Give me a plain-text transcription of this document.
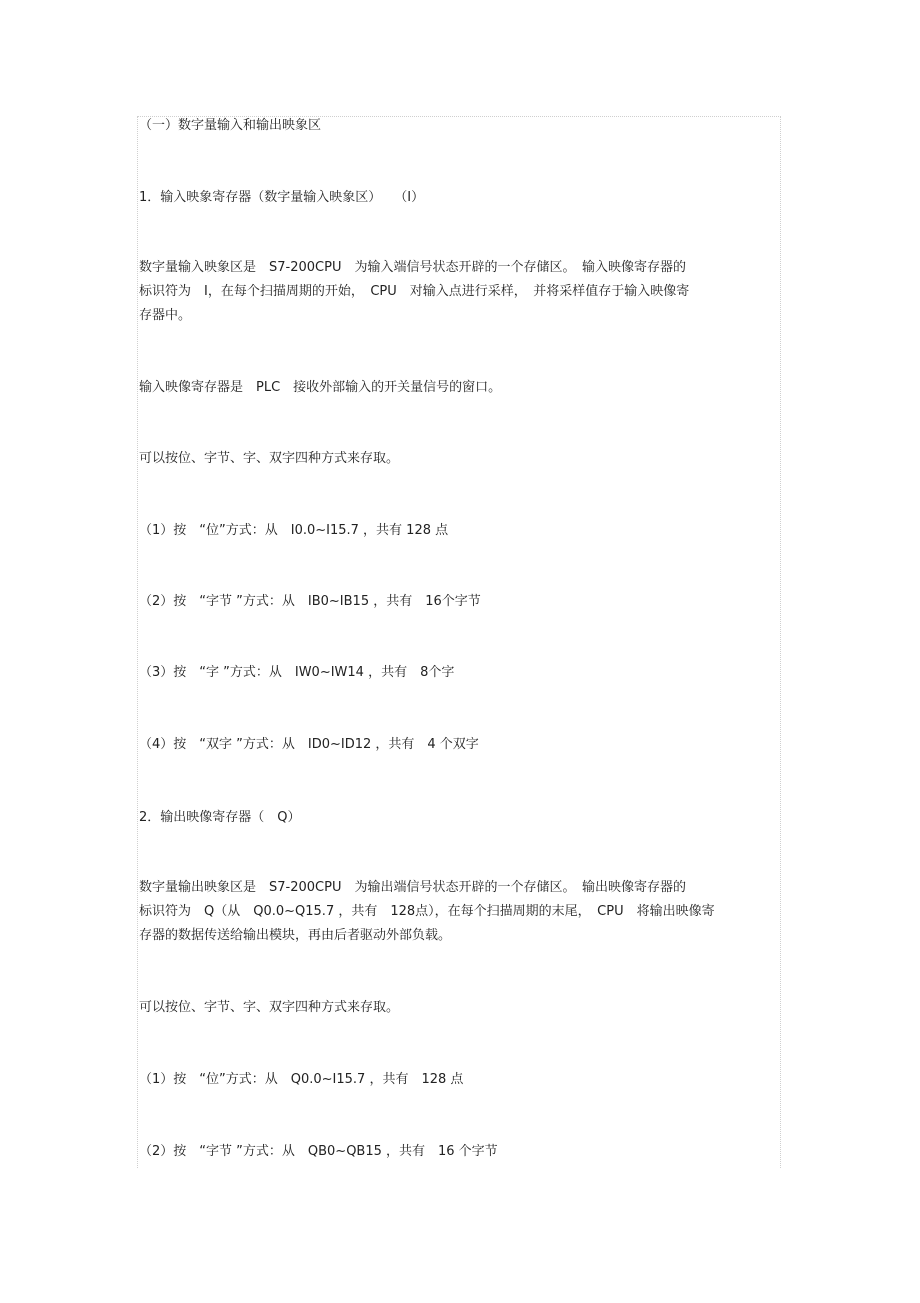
（一）数字量输入和输出映象区

1．输入映象寄存器（数字量输入映象区）　　（I）

数字量输入映象区是　S7-200CPU　为输入端信号状态开辟的一个存储区。　输入映像寄存器的
标识符为　I，在每个扫描周期的开始，　CPU　对输入点进行采样，　并将采样值存于输入映像寄
存器中。

输入映像寄存器是　PLC　接收外部输入的开关量信号的窗口。

可以按位、字节、字、双字四种方式来存取。

（1）按　“位”方式：从　I0.0~I15.7 ，共有 128 点

（2）按　“字节 ”方式：从　IB0~IB15 ，共有　16个字节

（3）按　“字 ”方式：从　IW0~IW14 ，共有　8个字

（4）按　“双字 ”方式：从　ID0~ID12 ，共有　4 个双字

2．输出映像寄存器（　Q）

数字量输出映象区是　S7-200CPU　为输出端信号状态开辟的一个存储区。　输出映像寄存器的
标识符为　Q（从　Q0.0~Q15.7 ，共有　128点），在每个扫描周期的末尾，　CPU　将输出映像寄
存器的数据传送给输出模块，再由后者驱动外部负载。

可以按位、字节、字、双字四种方式来存取。

（1）按　“位”方式：从　Q0.0~I15.7 ，共有　128 点

（2）按　“字节 ”方式：从　QB0~QB15 ，共有　16 个字节
